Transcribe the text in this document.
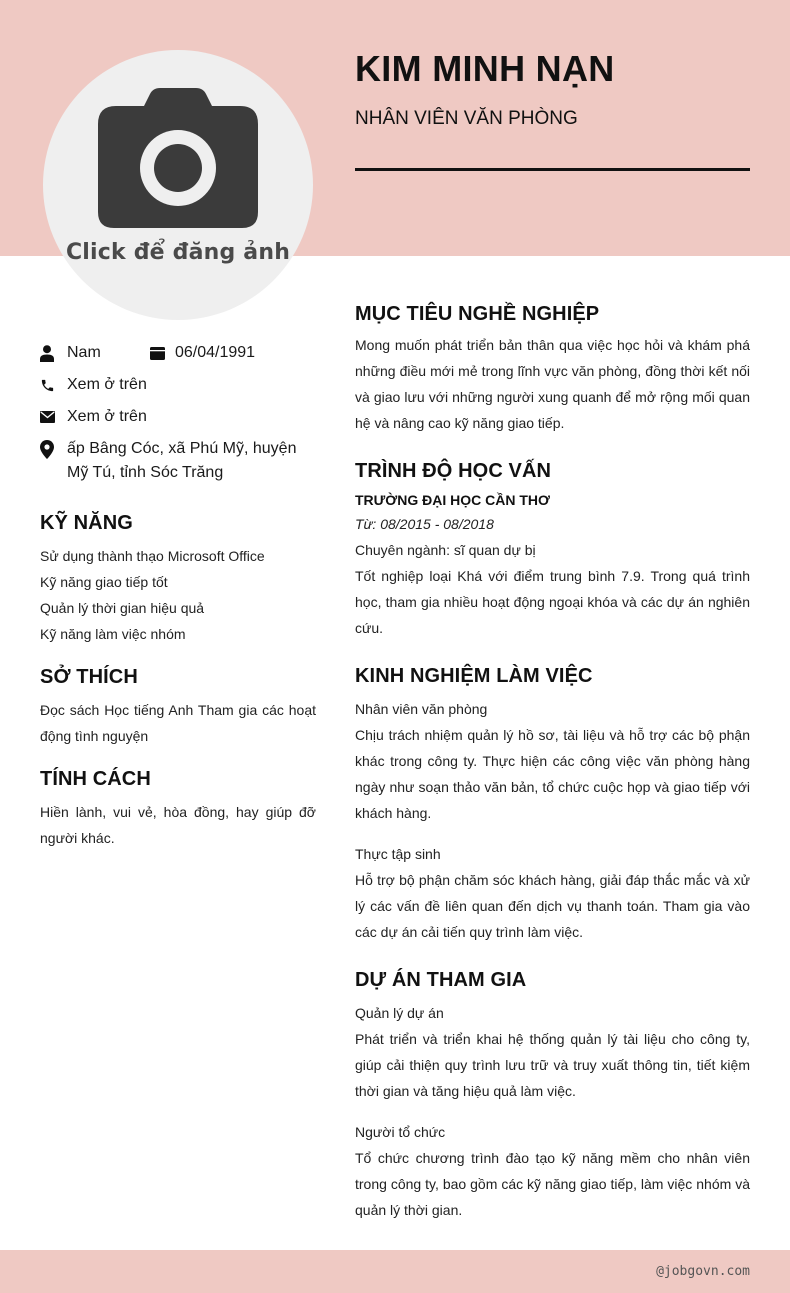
Click để đăng ảnh
KIM MINH NẠN
NHÂN VIÊN VĂN PHÒNG
Nam	06/04/1991
Xem ở trên
Xem ở trên
ấp Bâng Cóc, xã Phú Mỹ, huyện Mỹ Tú, tỉnh Sóc Trăng
KỸ NĂNG
Sử dụng thành thạo Microsoft Office
Kỹ năng giao tiếp tốt
Quản lý thời gian hiệu quả
Kỹ năng làm việc nhóm
SỞ THÍCH
Đọc sách Học tiếng Anh Tham gia các hoạt động tình nguyện
TÍNH CÁCH
Hiền lành, vui vẻ, hòa đồng, hay giúp đỡ người khác.
MỤC TIÊU NGHỀ NGHIỆP
Mong muốn phát triển bản thân qua việc học hỏi và khám phá những điều mới mẻ trong lĩnh vực văn phòng, đồng thời kết nối và giao lưu với những người xung quanh để mở rộng mối quan hệ và nâng cao kỹ năng giao tiếp.
TRÌNH ĐỘ HỌC VẤN
TRƯỜNG ĐẠI HỌC CẦN THƠ
Từ: 08/2015 - 08/2018
Chuyên ngành: sĩ quan dự bị
Tốt nghiệp loại Khá với điểm trung bình 7.9. Trong quá trình học, tham gia nhiều hoạt động ngoại khóa và các dự án nghiên cứu.
KINH NGHIỆM LÀM VIỆC
Nhân viên văn phòng
Chịu trách nhiệm quản lý hồ sơ, tài liệu và hỗ trợ các bộ phận khác trong công ty. Thực hiện các công việc văn phòng hàng ngày như soạn thảo văn bản, tổ chức cuộc họp và giao tiếp với khách hàng.
Thực tập sinh
Hỗ trợ bộ phận chăm sóc khách hàng, giải đáp thắc mắc và xử lý các vấn đề liên quan đến dịch vụ thanh toán. Tham gia vào các dự án cải tiến quy trình làm việc.
DỰ ÁN THAM GIA
Quản lý dự án
Phát triển và triển khai hệ thống quản lý tài liệu cho công ty, giúp cải thiện quy trình lưu trữ và truy xuất thông tin, tiết kiệm thời gian và tăng hiệu quả làm việc.
Người tổ chức
Tổ chức chương trình đào tạo kỹ năng mềm cho nhân viên trong công ty, bao gồm các kỹ năng giao tiếp, làm việc nhóm và quản lý thời gian.
@jobgovn.com
